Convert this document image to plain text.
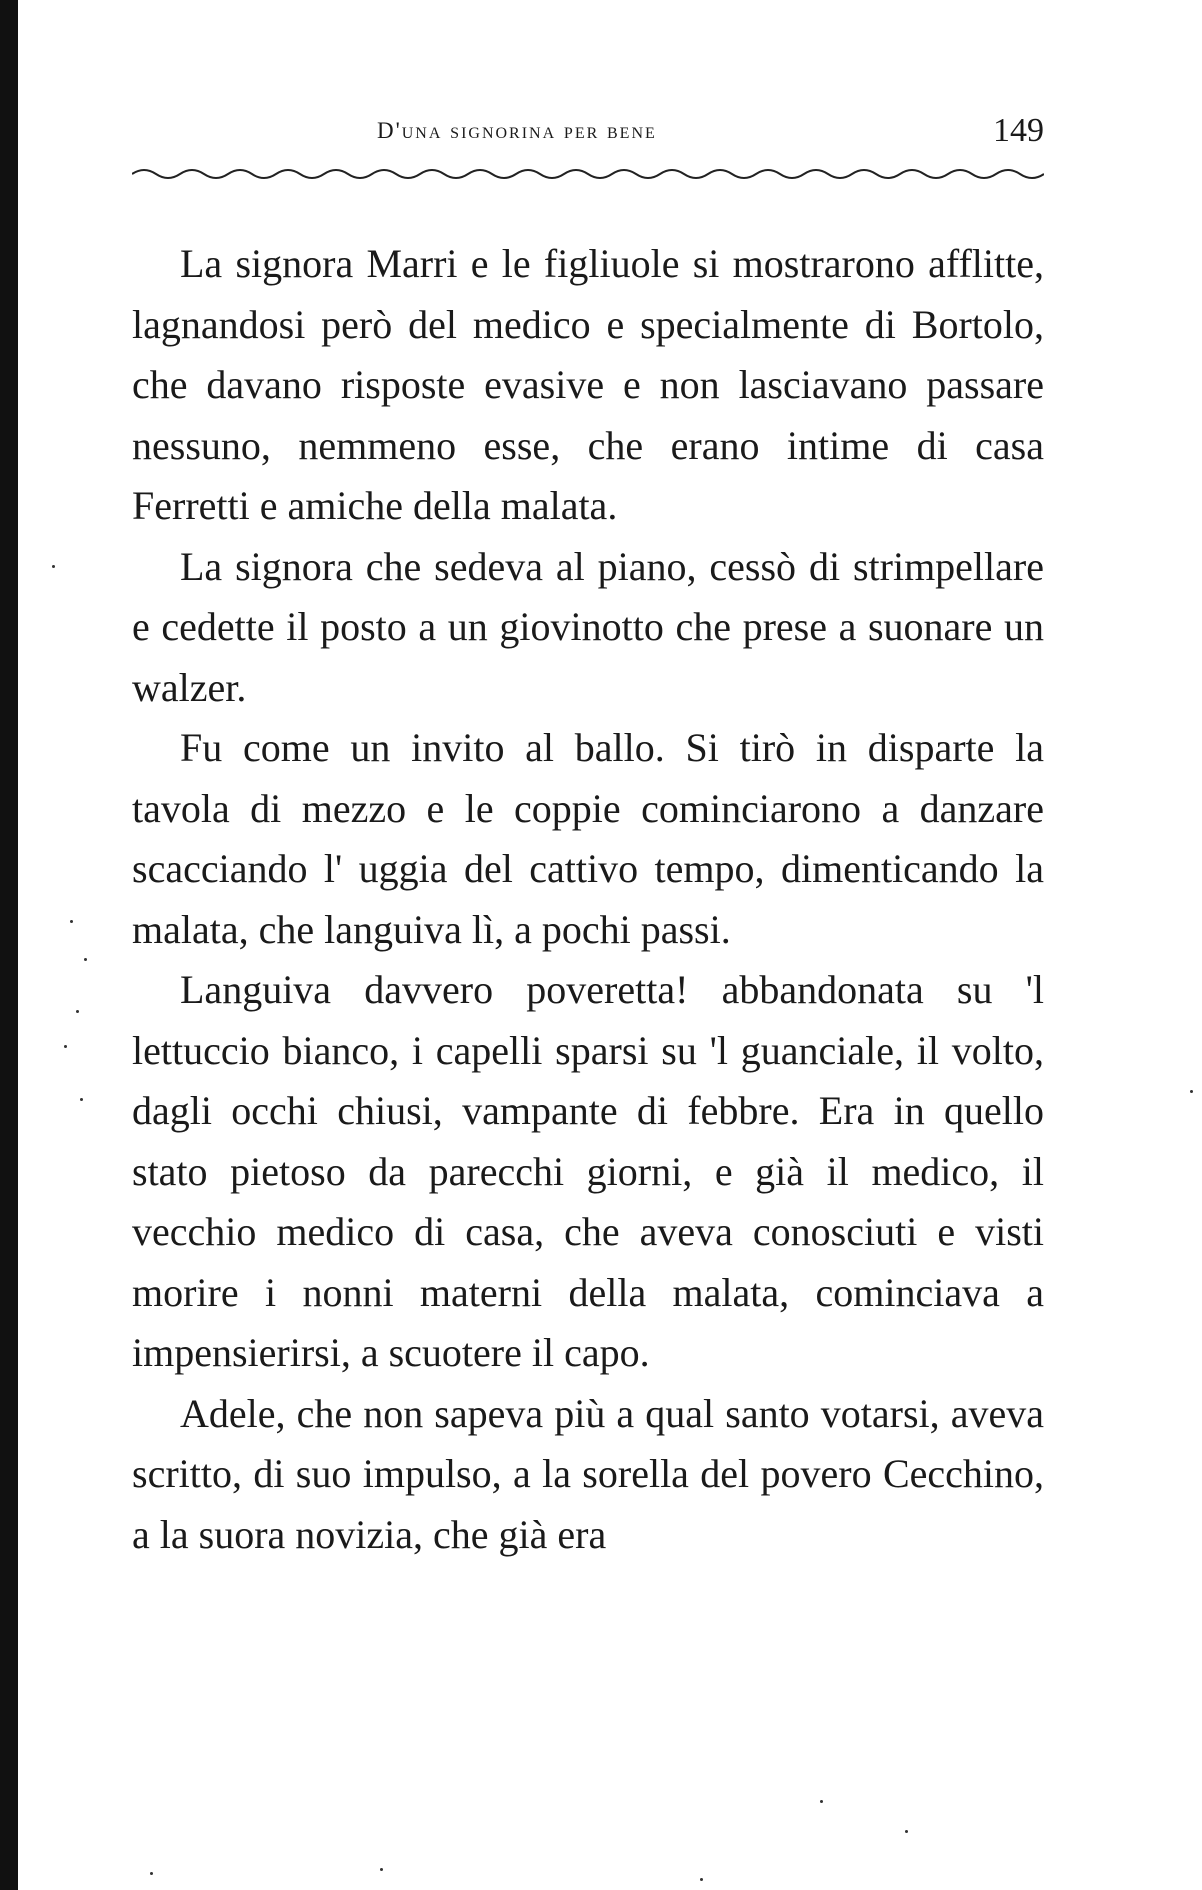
D'una signorina per bene	149

La signora Marri e le figliuole si mostrarono afflitte, lagnandosi però del medico e specialmente di Bortolo, che davano risposte evasive e non lasciavano passare nessuno, nemmeno esse, che erano intime di casa Ferretti e amiche della malata.

La signora che sedeva al piano, cessò di strimpellare e cedette il posto a un giovinotto che prese a suonare un walzer.

Fu come un invito al ballo. Si tirò in disparte la tavola di mezzo e le coppie cominciarono a danzare scacciando l' uggia del cattivo tempo, dimenticando la malata, che languiva lì, a pochi passi.

Languiva davvero poveretta! abbandonata su 'l lettuccio bianco, i capelli sparsi su 'l guanciale, il volto, dagli occhi chiusi, vampante di febbre. Era in quello stato pietoso da parecchi giorni, e già il medico, il vecchio medico di casa, che aveva conosciuti e visti morire i nonni materni della malata, cominciava a impensierirsi, a scuotere il capo.

Adele, che non sapeva più a qual santo votarsi, aveva scritto, di suo impulso, a la sorella del povero Cecchino, a la suora novizia, che già era
